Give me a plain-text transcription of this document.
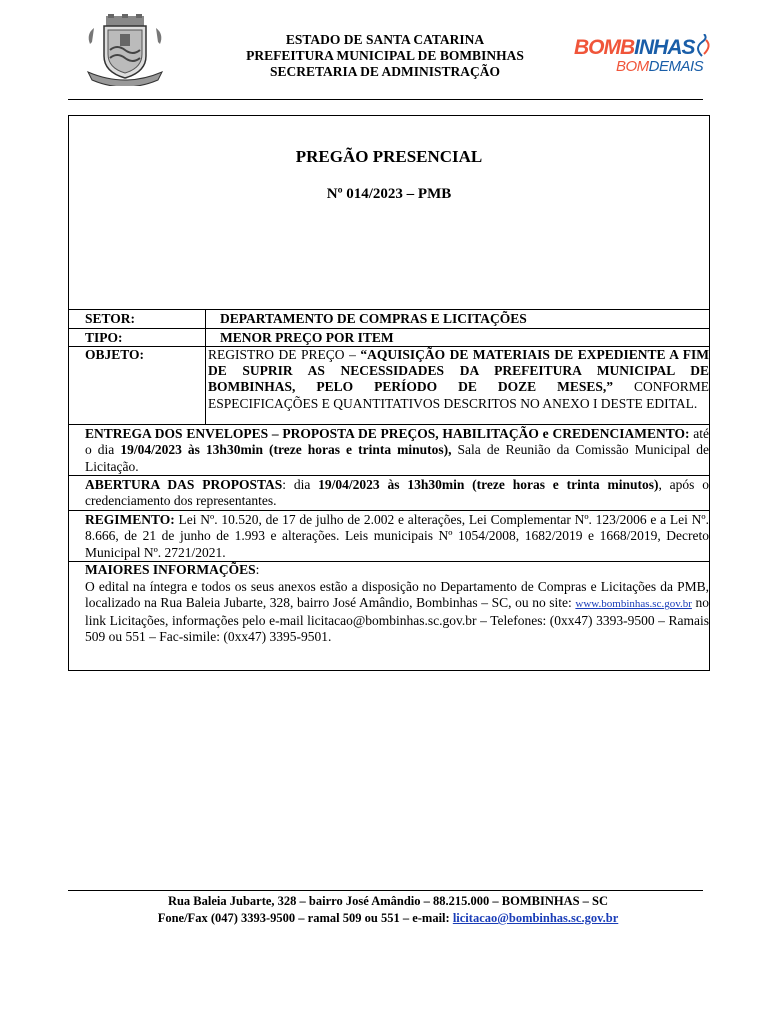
ESTADO DE SANTA CATARINA
PREFEITURA MUNICIPAL DE BOMBINHAS
SECRETARIA DE ADMINISTRAÇÃO
BOMBINHAS
BOMDEMAIS
PREGÃO PRESENCIAL
Nº 014/2023 – PMB
SETOR:	DEPARTAMENTO DE COMPRAS E LICITAÇÕES
TIPO:	MENOR PREÇO POR ITEM
OBJETO:	REGISTRO DE PREÇO – “AQUISIÇÃO DE MATERIAIS DE EXPEDIENTE A FIM DE SUPRIR AS NECESSIDADES DA PREFEITURA MUNICIPAL DE BOMBINHAS, PELO PERÍODO DE DOZE MESES,” CONFORME ESPECIFICAÇÕES E QUANTITATIVOS DESCRITOS NO ANEXO I DESTE EDITAL.
ENTREGA DOS ENVELOPES – PROPOSTA DE PREÇOS, HABILITAÇÃO e CREDENCIAMENTO: até o dia 19/04/2023 às 13h30min (treze horas e trinta minutos), Sala de Reunião da Comissão Municipal de Licitação.
ABERTURA DAS PROPOSTAS: dia 19/04/2023 às 13h30min (treze horas e trinta minutos), após o credenciamento dos representantes.
REGIMENTO: Lei Nº. 10.520, de 17 de julho de 2.002 e alterações, Lei Complementar Nº. 123/2006 e a Lei Nº. 8.666, de 21 de junho de 1.993 e alterações. Leis municipais Nº 1054/2008, 1682/2019 e 1668/2019, Decreto Municipal Nº. 2721/2021.
MAIORES INFORMAÇÕES:
O edital na íntegra e todos os seus anexos estão a disposição no Departamento de Compras e Licitações da PMB, localizado na Rua Baleia Jubarte, 328, bairro José Amândio, Bombinhas – SC, ou no site: www.bombinhas.sc.gov.br no link Licitações, informações pelo e-mail licitacao@bombinhas.sc.gov.br – Telefones: (0xx47) 3393-9500 – Ramais 509 ou 551 – Fac-simile: (0xx47) 3395-9501.
Rua Baleia Jubarte, 328 – bairro José Amândio – 88.215.000 – BOMBINHAS – SC
Fone/Fax (047) 3393-9500 – ramal 509 ou 551 – e-mail: licitacao@bombinhas.sc.gov.br
